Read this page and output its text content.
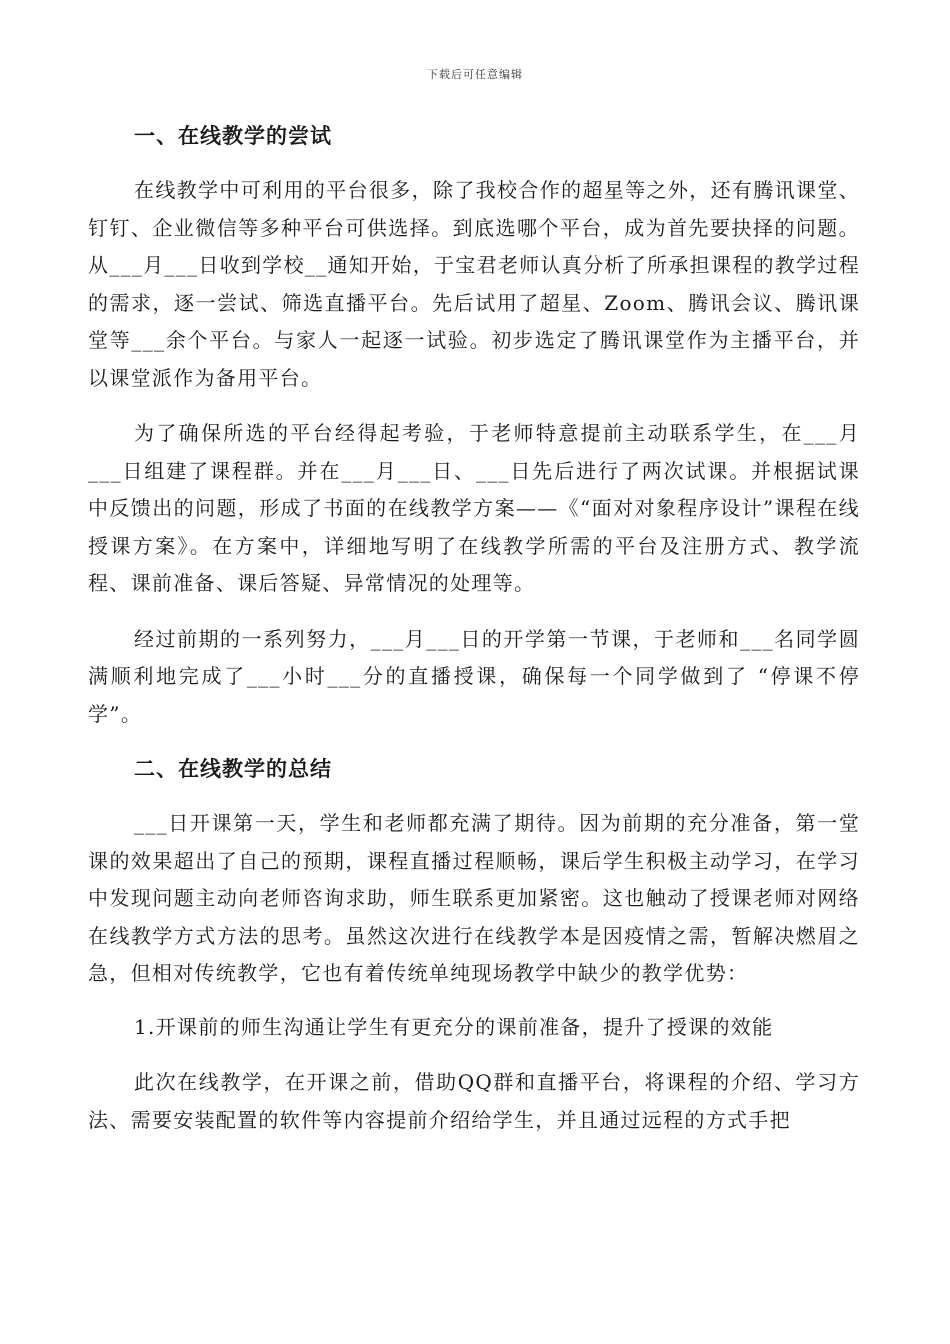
下载后可任意编辑
一、在线教学的尝试

在线教学中可利用的平台很多，除了我校合作的超星等之外，还有腾讯课堂、钉钉、企业微信等多种平台可供选择。到底选哪个平台，成为首先要抉择的问题。从___月___日收到学校__通知开始，于宝君老师认真分析了所承担课程的教学过程的需求，逐一尝试、筛选直播平台。先后试用了超星、Zoom、腾讯会议、腾讯课堂等___余个平台。与家人一起逐一试验。初步选定了腾讯课堂作为主播平台，并以课堂派作为备用平台。

为了确保所选的平台经得起考验，于老师特意提前主动联系学生，在___月___日组建了课程群。并在___月___日、___日先后进行了两次试课。并根据试课中反馈出的问题，形成了书面的在线教学方案——《“面对对象程序设计”课程在线授课方案》。在方案中，详细地写明了在线教学所需的平台及注册方式、教学流程、课前准备、课后答疑、异常情况的处理等。

经过前期的一系列努力，___月___日的开学第一节课，于老师和___名同学圆满顺利地完成了___小时___分的直播授课，确保每一个同学做到了 “停课不停学”。

二、在线教学的总结

___日开课第一天，学生和老师都充满了期待。因为前期的充分准备，第一堂课的效果超出了自己的预期，课程直播过程顺畅，课后学生积极主动学习，在学习中发现问题主动向老师咨询求助，师生联系更加紧密。这也触动了授课老师对网络在线教学方式方法的思考。虽然这次进行在线教学本是因疫情之需，暂解决燃眉之急，但相对传统教学，它也有着传统单纯现场教学中缺少的教学优势：

1.开课前的师生沟通让学生有更充分的课前准备，提升了授课的效能

此次在线教学，在开课之前，借助QQ群和直播平台，将课程的介绍、学习方法、需要安装配置的软件等内容提前介绍给学生，并且通过远程的方式手把
